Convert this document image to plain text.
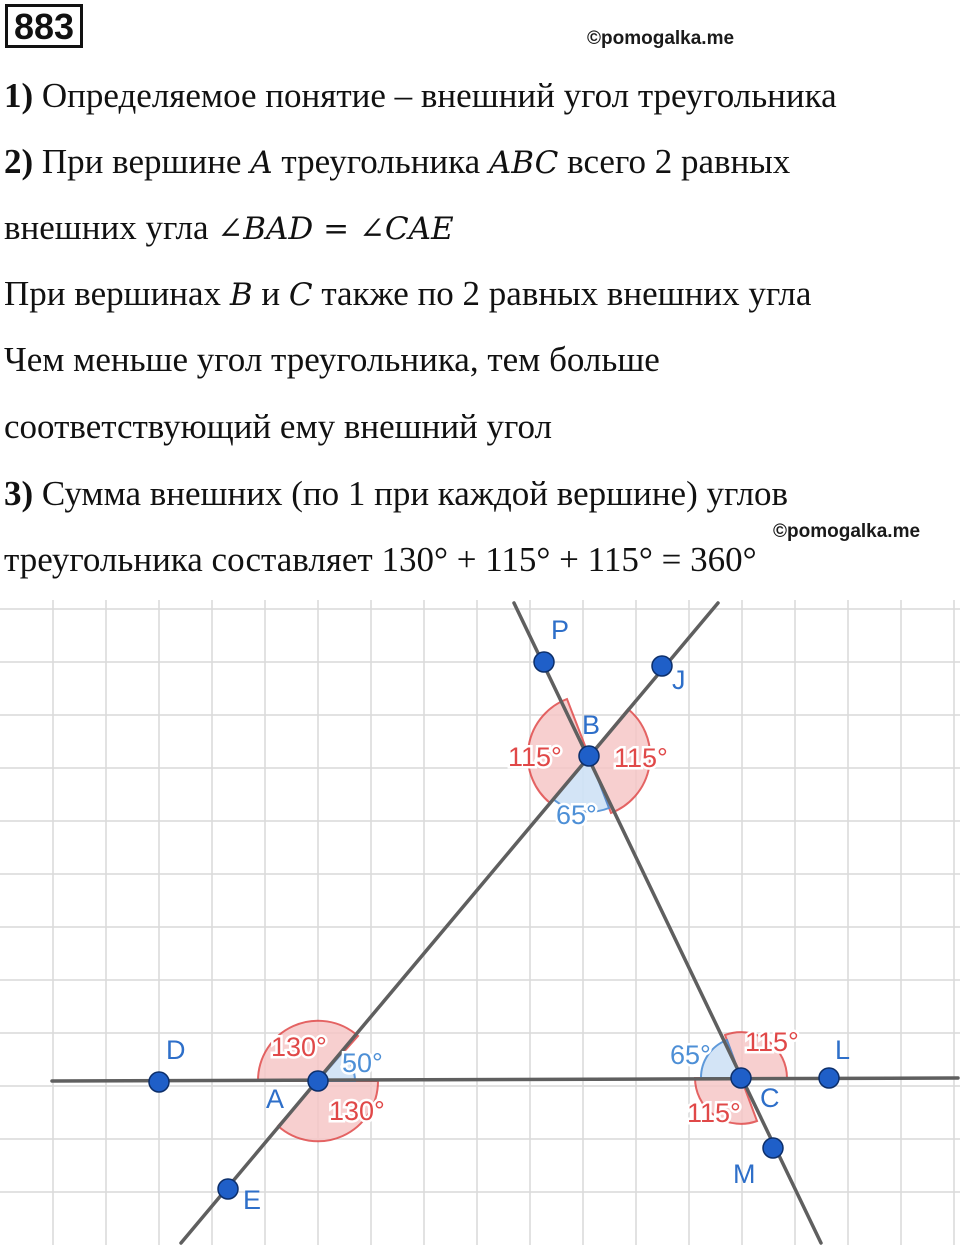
883	©pomogalka.me
1) Определяемое понятие – внешний угол треугольника
2) При вершине A треугольника ABC всего 2 равных
внешних угла ∠BAD = ∠CAE
При вершинах B и C также по 2 равных внешних угла
Чем меньше угол треугольника, тем больше
соответствующий ему внешний угол
3) Сумма внешних (по 1 при каждой вершине) углов
©pomogalka.me
треугольника составляет 130° + 115° + 115° = 360°
A
B
C
D
E
J
L
M
P
115° 115°
65°
130°
50°
130°
65° 115°
115°
